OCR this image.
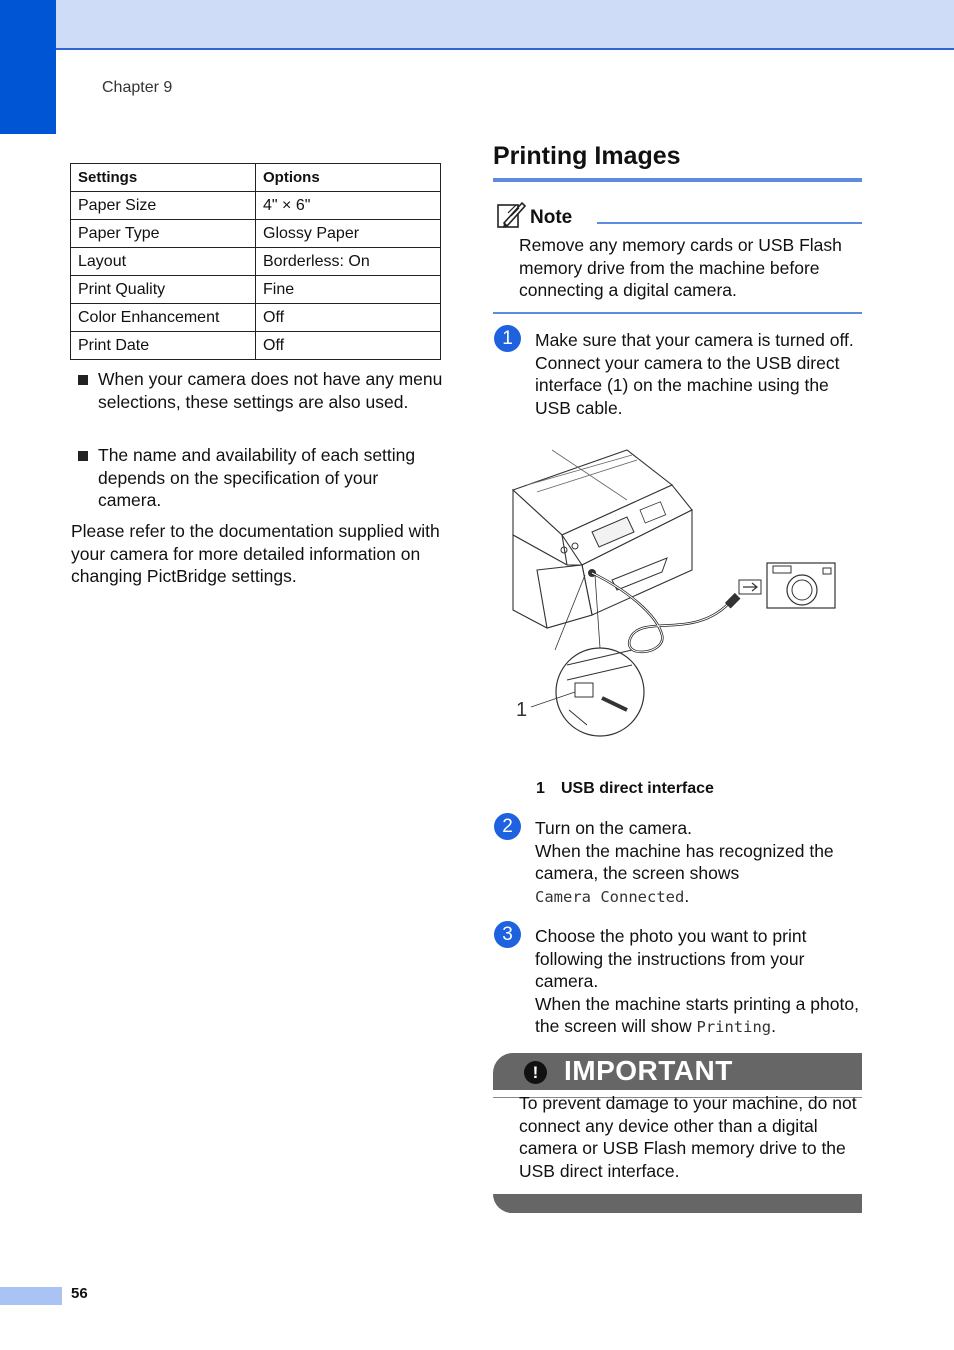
Chapter 9
Settings	Options
Paper Size	4" × 6"
Paper Type	Glossy Paper
Layout	Borderless: On
Print Quality	Fine
Color Enhancement	Off
Print Date	Off
When your camera does not have any menu selections, these settings are also used.
The name and availability of each setting depends on the specification of your camera.
Please refer to the documentation supplied with your camera for more detailed information on changing PictBridge settings.
Printing Images
Note
Remove any memory cards or USB Flash memory drive from the machine before connecting a digital camera.
1	Make sure that your camera is turned off. Connect your camera to the USB direct interface (1) on the machine using the USB cable.
1
1 USB direct interface
2	Turn on the camera.
When the machine has recognized the camera, the screen shows
Camera Connected.
3	Choose the photo you want to print following the instructions from your camera.
When the machine starts printing a photo, the screen will show Printing.
! IMPORTANT
To prevent damage to your machine, do not connect any device other than a digital camera or USB Flash memory drive to the USB direct interface.
56
